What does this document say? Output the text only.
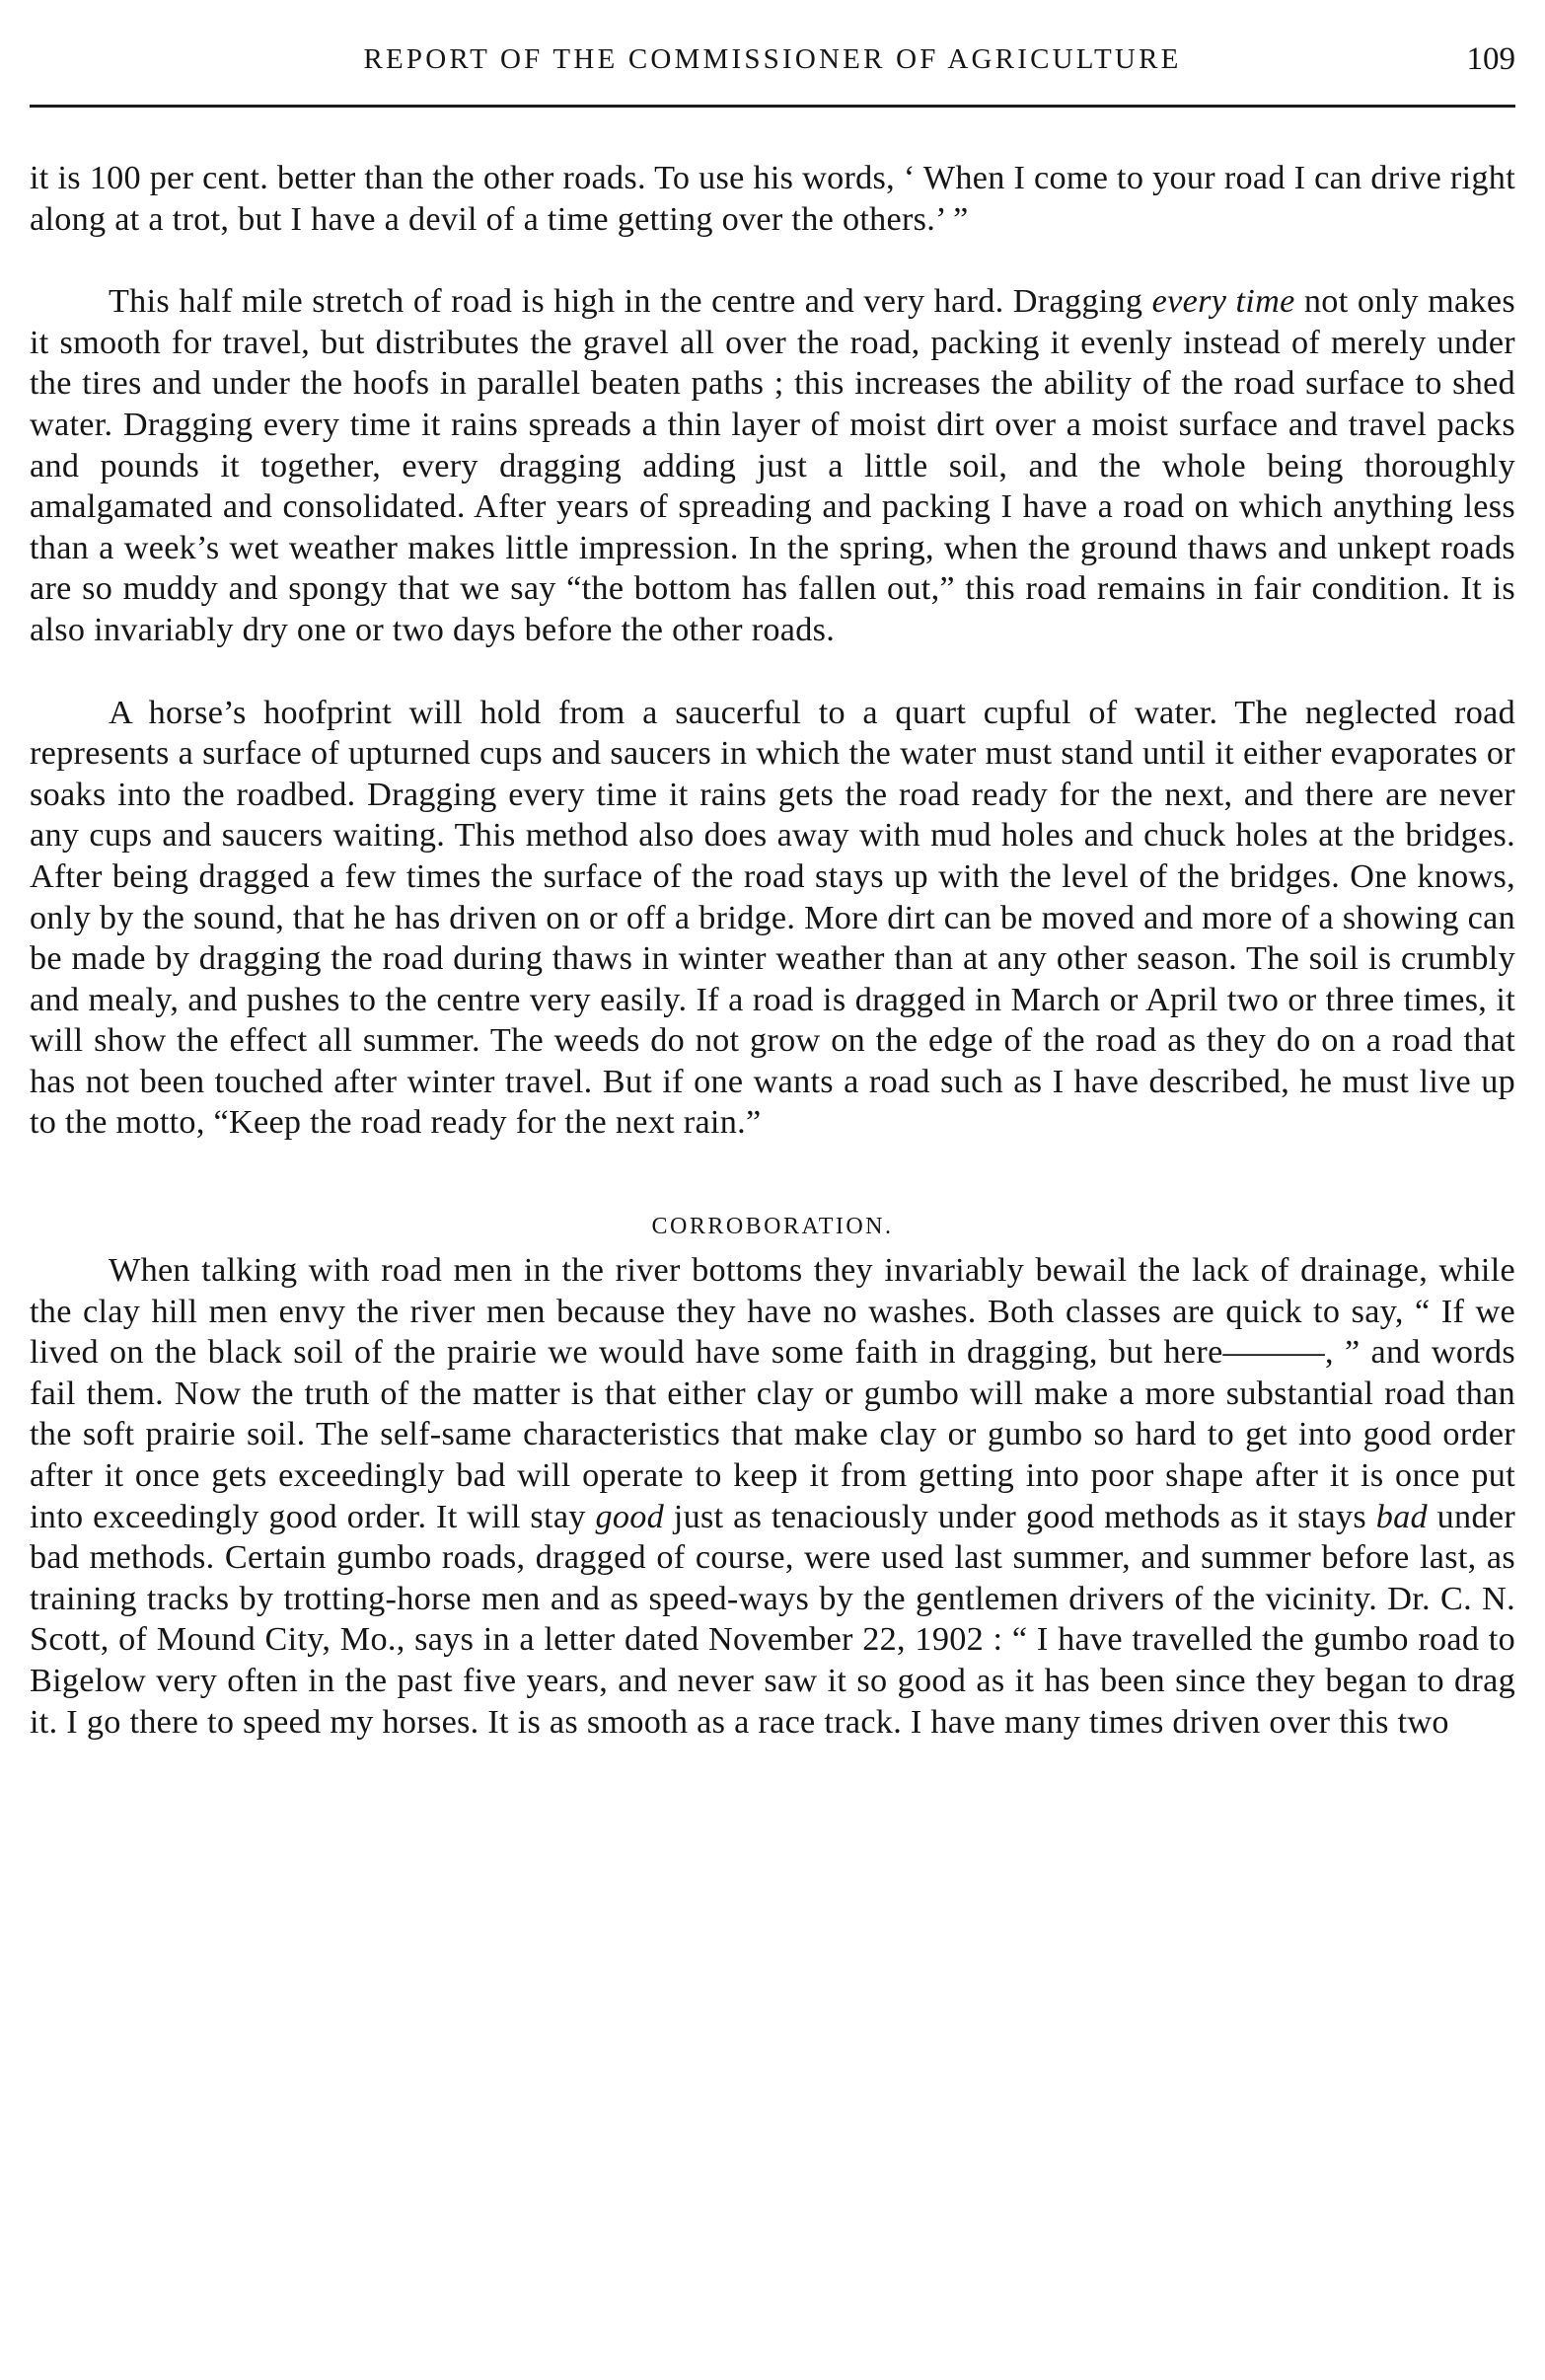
REPORT OF THE COMMISSIONER OF AGRICULTURE	109

it is 100 per cent. better than the other roads. To use his words, ‘ When I come to your road I can drive right along at a trot, but I have a devil of a time getting over the others.’ ”

This half mile stretch of road is high in the centre and very hard. Dragging every time not only makes it smooth for travel, but distributes the gravel all over the road, packing it evenly instead of merely under the tires and under the hoofs in parallel beaten paths ; this increases the ability of the road surface to shed water. Dragging every time it rains spreads a thin layer of moist dirt over a moist surface and travel packs and pounds it together, every dragging adding just a little soil, and the whole being thoroughly amalgamated and consolidated. After years of spreading and packing I have a road on which anything less than a week’s wet weather makes little impression. In the spring, when the ground thaws and unkept roads are so muddy and spongy that we say “the bottom has fallen out,” this road remains in fair condition. It is also invariably dry one or two days before the other roads.

A horse’s hoofprint will hold from a saucerful to a quart cupful of water. The neglected road represents a surface of upturned cups and saucers in which the water must stand until it either evaporates or soaks into the roadbed. Dragging every time it rains gets the road ready for the next, and there are never any cups and saucers waiting. This method also does away with mud holes and chuck holes at the bridges. After being dragged a few times the surface of the road stays up with the level of the bridges. One knows, only by the sound, that he has driven on or off a bridge. More dirt can be moved and more of a showing can be made by dragging the road during thaws in winter weather than at any other season. The soil is crumbly and mealy, and pushes to the centre very easily. If a road is dragged in March or April two or three times, it will show the effect all summer. The weeds do not grow on the edge of the road as they do on a road that has not been touched after winter travel. But if one wants a road such as I have described, he must live up to the motto, “Keep the road ready for the next rain.”

CORROBORATION.

When talking with road men in the river bottoms they invariably bewail the lack of drainage, while the clay hill men envy the river men because they have no washes. Both classes are quick to say, “ If we lived on the black soil of the prairie we would have some faith in dragging, but here———, ” and words fail them. Now the truth of the matter is that either clay or gumbo will make a more substantial road than the soft prairie soil. The self-same characteristics that make clay or gumbo so hard to get into good order after it once gets exceedingly bad will operate to keep it from getting into poor shape after it is once put into exceedingly good order. It will stay good just as tenaciously under good methods as it stays bad under bad methods. Certain gumbo roads, dragged of course, were used last summer, and summer before last, as training tracks by trotting-horse men and as speed-ways by the gentlemen drivers of the vicinity. Dr. C. N. Scott, of Mound City, Mo., says in a letter dated November 22, 1902 : “ I have travelled the gumbo road to Bigelow very often in the past five years, and never saw it so good as it has been since they began to drag it. I go there to speed my horses. It is as smooth as a race track. I have many times driven over this two
